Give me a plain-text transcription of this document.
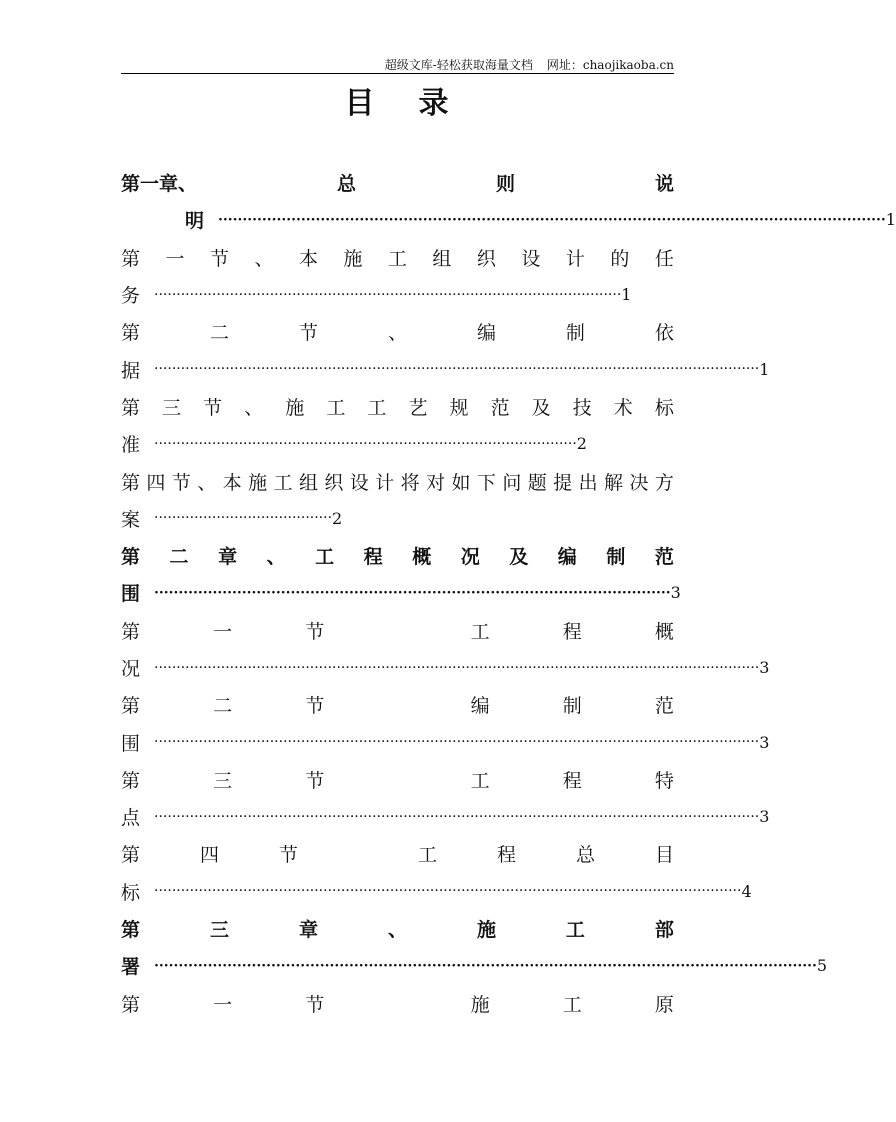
超级文库-轻松获取海量文档 网址：chaojikaoba.cn
目录
第一章、	总	则	说
明 ········································································································································· 1
第 一 节 、 本 施 工 组 织 设 计 的 任
务 ········································································································· 1
第	二	节	、	编	制	依
据 ········································································································································ 1
第 三 节 、 施 工 工 艺 规 范 及 技 术 标
准 ······························································································· 2
第 四 节 、 本 施 工 组 织 设 计 将 对 如 下 问 题 提 出 解 决 方
案 ········································ 2
第 二 章 、 工 程 概 况 及 编 制 范
围 ·········································································································· 3
第	一	节	工	程	概
况 ········································································································································ 3
第	二	节	编	制	范
围 ········································································································································ 3
第	三	节	工	程	特
点 ········································································································································ 3
第	四	节	工	程	总	目
标 ···································································································································· 4
第	三	章	、	施	工	部
署 ········································································································································ 5
第	一	节	施	工	原
